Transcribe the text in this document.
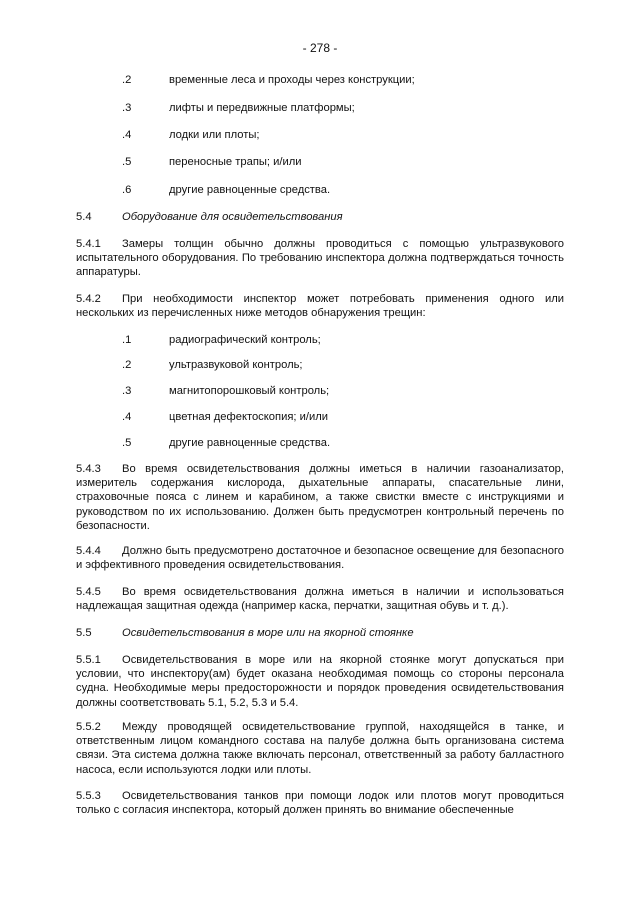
- 278 -
.2	временные леса и проходы через конструкции;
.3	лифты и передвижные платформы;
.4	лодки или плоты;
.5	переносные трапы; и/или
.6	другие равноценные средства.
5.4	Оборудование для освидетельствования
5.4.1 Замеры толщин обычно должны проводиться с помощью ультразвукового испытательного оборудования. По требованию инспектора должна подтверждаться точность аппаратуры.
5.4.2 При необходимости инспектор может потребовать применения одного или нескольких из перечисленных ниже методов обнаружения трещин:
.1	радиографический контроль;
.2	ультразвуковой контроль;
.3	магнитопорошковый контроль;
.4	цветная дефектоскопия; и/или
.5	другие равноценные средства.
5.4.3 Во время освидетельствования должны иметься в наличии газоанализатор, измеритель содержания кислорода, дыхательные аппараты, спасательные лини, страховочные пояса с линем и карабином, а также свистки вместе с инструкциями и руководством по их использованию. Должен быть предусмотрен контрольный перечень по безопасности.
5.4.4 Должно быть предусмотрено достаточное и безопасное освещение для безопасного и эффективного проведения освидетельствования.
5.4.5 Во время освидетельствования должна иметься в наличии и использоваться надлежащая защитная одежда (например каска, перчатки, защитная обувь и т. д.).
5.5	Освидетельствования в море или на якорной стоянке
5.5.1 Освидетельствования в море или на якорной стоянке могут допускаться при условии, что инспектору(ам) будет оказана необходимая помощь со стороны персонала судна. Необходимые меры предосторожности и порядок проведения освидетельствования должны соответствовать 5.1, 5.2, 5.3 и 5.4.
5.5.2 Между проводящей освидетельствование группой, находящейся в танке, и ответственным лицом командного состава на палубе должна быть организована система связи. Эта система должна также включать персонал, ответственный за работу балластного насоса, если используются лодки или плоты.
5.5.3 Освидетельствования танков при помощи лодок или плотов могут проводиться только с согласия инспектора, который должен принять во внимание обеспеченные
